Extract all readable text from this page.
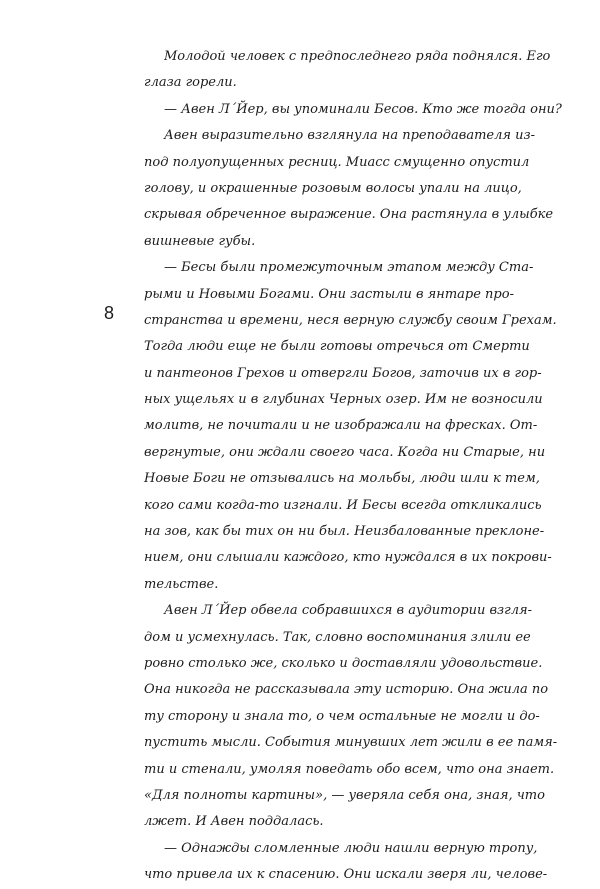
8
Молодой человек с предпоследнего ряда поднялся. Его
глаза горели.
— Авен Л´Йер, вы упоминали Бесов. Кто же тогда они?
Авен выразительно взглянула на преподавателя из-
под полуопущенных ресниц. Миасс смущенно опустил
голову, и окрашенные розовым волосы упали на лицо,
скрывая обреченное выражение. Она растянула в улыбке
вишневые губы.
— Бесы были промежуточным этапом между Ста-
рыми и Новыми Богами. Они застыли в янтаре про-
странства и времени, неся верную службу своим Грехам.
Тогда люди еще не были готовы отречься от Смерти
и пантеонов Грехов и отвергли Богов, заточив их в гор-
ных ущельях и в глубинах Черных озер. Им не возносили
молитв, не почитали и не изображали на фресках. От-
вергнутые, они ждали своего часа. Когда ни Старые, ни
Новые Боги не отзывались на мольбы, люди шли к тем,
кого сами когда-то изгнали. И Бесы всегда откликались
на зов, как бы тих он ни был. Неизбалованные преклоне-
нием, они слышали каждого, кто нуждался в их покрови-
тельстве.
Авен Л´Йер обвела собравшихся в аудитории взгля-
дом и усмехнулась. Так, словно воспоминания злили ее
ровно столько же, сколько и доставляли удовольствие.
Она никогда не рассказывала эту историю. Она жила по
ту сторону и знала то, о чем остальные не могли и до-
пустить мысли. События минувших лет жили в ее памя-
ти и стенали, умоляя поведать обо всем, что она знает.
«Для полноты картины», — уверяла себя она, зная, что
лжет. И Авен поддалась.
— Однажды сломленные люди нашли верную тропу,
что привела их к спасению. Они искали зверя ли, челове-
